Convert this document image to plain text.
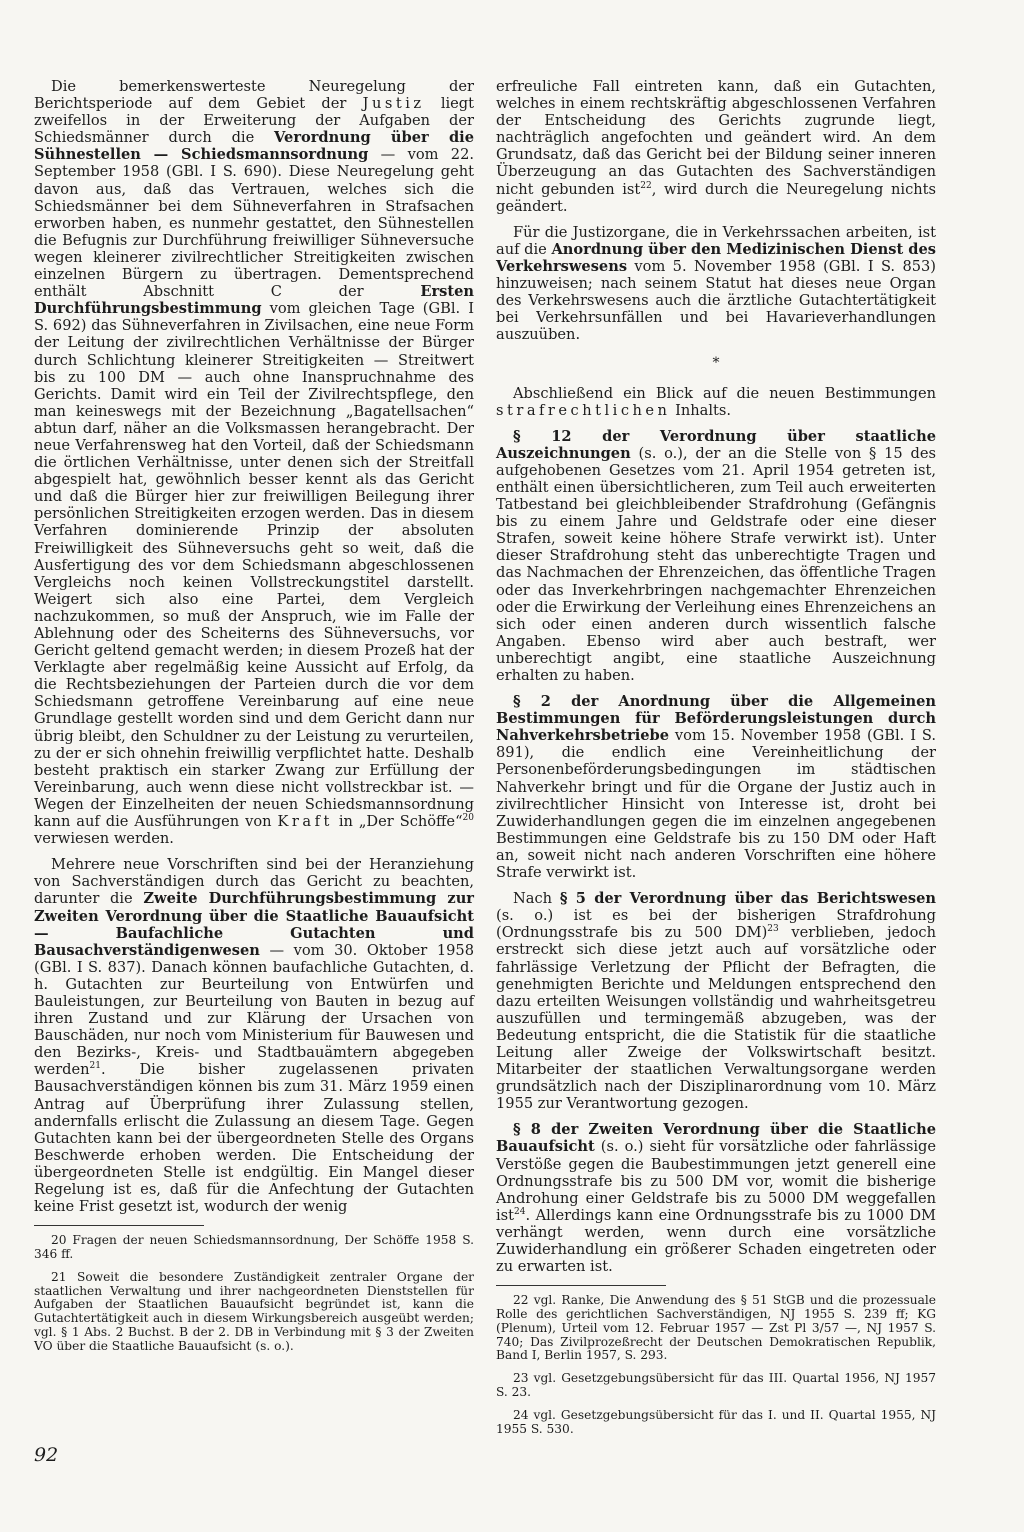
Die bemerkenswerteste Neuregelung der Berichtsperiode auf dem Gebiet der Justiz liegt zweifellos in der Erweiterung der Aufgaben der Schiedsmänner durch die Verordnung über die Sühnestellen — Schiedsmannsordnung — vom 22. September 1958 (GBl. I S. 690). Diese Neuregelung geht davon aus, daß das Vertrauen, welches sich die Schiedsmänner bei dem Sühneverfahren in Strafsachen erworben haben, es nunmehr gestattet, den Sühnestellen die Befugnis zur Durchführung freiwilliger Sühneversuche wegen kleinerer zivilrechtlicher Streitigkeiten zwischen einzelnen Bürgern zu übertragen. Dementsprechend enthält Abschnitt C der Ersten Durchführungsbestimmung vom gleichen Tage (GBl. I S. 692) das Sühneverfahren in Zivilsachen, eine neue Form der Leitung der zivilrechtlichen Verhältnisse der Bürger durch Schlichtung kleinerer Streitigkeiten — Streitwert bis zu 100 DM — auch ohne Inanspruchnahme des Gerichts. Damit wird ein Teil der Zivilrechtspflege, den man keineswegs mit der Bezeichnung „Bagatellsachen“ abtun darf, näher an die Volksmassen herangebracht. Der neue Verfahrensweg hat den Vorteil, daß der Schiedsmann die örtlichen Verhältnisse, unter denen sich der Streitfall abgespielt hat, gewöhnlich besser kennt als das Gericht und daß die Bürger hier zur freiwilligen Beilegung ihrer persönlichen Streitigkeiten erzogen werden. Das in diesem Verfahren dominierende Prinzip der absoluten Freiwilligkeit des Sühneversuchs geht so weit, daß die Ausfertigung des vor dem Schiedsmann abgeschlossenen Vergleichs noch keinen Vollstreckungstitel darstellt. Weigert sich also eine Partei, dem Vergleich nachzukommen, so muß der Anspruch, wie im Falle der Ablehnung oder des Scheiterns des Sühneversuchs, vor Gericht geltend gemacht werden; in diesem Prozeß hat der Verklagte aber regelmäßig keine Aussicht auf Erfolg, da die Rechtsbeziehungen der Parteien durch die vor dem Schiedsmann getroffene Vereinbarung auf eine neue Grundlage gestellt worden sind und dem Gericht dann nur übrig bleibt, den Schuldner zu der Leistung zu verurteilen, zu der er sich ohnehin freiwillig verpflichtet hatte. Deshalb besteht praktisch ein starker Zwang zur Erfüllung der Vereinbarung, auch wenn diese nicht vollstreckbar ist. — Wegen der Einzelheiten der neuen Schiedsmannsordnung kann auf die Ausführungen von Kraft in „Der Schöffe“$^{20}$ verwiesen werden.

Mehrere neue Vorschriften sind bei der Heranziehung von Sachverständigen durch das Gericht zu beachten, darunter die Zweite Durchführungsbestimmung zur Zweiten Verordnung über die Staatliche Bauaufsicht — Baufachliche Gutachten und Bausachverständigenwesen — vom 30. Oktober 1958 (GBl. I S. 837). Danach können baufachliche Gutachten, d. h. Gutachten zur Beurteilung von Entwürfen und Bauleistungen, zur Beurteilung von Bauten in bezug auf ihren Zustand und zur Klärung der Ursachen von Bauschäden, nur noch vom Ministerium für Bauwesen und den Bezirks-, Kreis- und Stadtbauämtern abgegeben werden$^{21}$. Die bisher zugelassenen privaten Bausachverständigen können bis zum 31. März 1959 einen Antrag auf Überprüfung ihrer Zulassung stellen, andernfalls erlischt die Zulassung an diesem Tage. Gegen Gutachten kann bei der übergeordneten Stelle des Organs Beschwerde erhoben werden. Die Entscheidung der übergeordneten Stelle ist endgültig. Ein Mangel dieser Regelung ist es, daß für die Anfechtung der Gutachten keine Frist gesetzt ist, wodurch der wenig

20 Fragen der neuen Schiedsmannsordnung, Der Schöffe 1958 S. 346 ff.

21 Soweit die besondere Zuständigkeit zentraler Organe der staatlichen Verwaltung und ihrer nachgeordneten Dienststellen für Aufgaben der Staatlichen Bauaufsicht begründet ist, kann die Gutachtertätigkeit auch in diesem Wirkungsbereich ausgeübt werden; vgl. § 1 Abs. 2 Buchst. B der 2. DB in Verbindung mit § 3 der Zweiten VO über die Staatliche Bauaufsicht (s. o.).

erfreuliche Fall eintreten kann, daß ein Gutachten, welches in einem rechtskräftig abgeschlossenen Verfahren der Entscheidung des Gerichts zugrunde liegt, nachträglich angefochten und geändert wird. An dem Grundsatz, daß das Gericht bei der Bildung seiner inneren Überzeugung an das Gutachten des Sachverständigen nicht gebunden ist$^{22}$, wird durch die Neuregelung nichts geändert.

Für die Justizorgane, die in Verkehrssachen arbeiten, ist auf die Anordnung über den Medizinischen Dienst des Verkehrswesens vom 5. November 1958 (GBl. I S. 853) hinzuweisen; nach seinem Statut hat dieses neue Organ des Verkehrswesens auch die ärztliche Gutachtertätigkeit bei Verkehrsunfällen und bei Havarieverhandlungen auszuüben.

*

Abschließend ein Blick auf die neuen Bestimmungen strafrechtlichen Inhalts.

§ 12 der Verordnung über staatliche Auszeichnungen (s. o.), der an die Stelle von § 15 des aufgehobenen Gesetzes vom 21. April 1954 getreten ist, enthält einen übersichtlicheren, zum Teil auch erweiterten Tatbestand bei gleichbleibender Strafdrohung (Gefängnis bis zu einem Jahre und Geldstrafe oder eine dieser Strafen, soweit keine höhere Strafe verwirkt ist). Unter dieser Strafdrohung steht das unberechtigte Tragen und das Nachmachen der Ehrenzeichen, das öffentliche Tragen oder das Inverkehrbringen nachgemachter Ehrenzeichen oder die Erwirkung der Verleihung eines Ehrenzeichens an sich oder einen anderen durch wissentlich falsche Angaben. Ebenso wird aber auch bestraft, wer unberechtigt angibt, eine staatliche Auszeichnung erhalten zu haben.

§ 2 der Anordnung über die Allgemeinen Bestimmungen für Beförderungsleistungen durch Nahverkehrsbetriebe vom 15. November 1958 (GBl. I S. 891), die endlich eine Vereinheitlichung der Personenbeförderungsbedingungen im städtischen Nahverkehr bringt und für die Organe der Justiz auch in zivilrechtlicher Hinsicht von Interesse ist, droht bei Zuwiderhandlungen gegen die im einzelnen angegebenen Bestimmungen eine Geldstrafe bis zu 150 DM oder Haft an, soweit nicht nach anderen Vorschriften eine höhere Strafe verwirkt ist.

Nach § 5 der Verordnung über das Berichtswesen (s. o.) ist es bei der bisherigen Strafdrohung (Ordnungsstrafe bis zu 500 DM)$^{23}$ verblieben, jedoch erstreckt sich diese jetzt auch auf vorsätzliche oder fahrlässige Verletzung der Pflicht der Befragten, die genehmigten Berichte und Meldungen entsprechend den dazu erteilten Weisungen vollständig und wahrheitsgetreu auszufüllen und termingemäß abzugeben, was der Bedeutung entspricht, die die Statistik für die staatliche Leitung aller Zweige der Volkswirtschaft besitzt. Mitarbeiter der staatlichen Verwaltungsorgane werden grundsätzlich nach der Disziplinarordnung vom 10. März 1955 zur Verantwortung gezogen.

§ 8 der Zweiten Verordnung über die Staatliche Bauaufsicht (s. o.) sieht für vorsätzliche oder fahrlässige Verstöße gegen die Baubestimmungen jetzt generell eine Ordnungsstrafe bis zu 500 DM vor, womit die bisherige Androhung einer Geldstrafe bis zu 5000 DM weggefallen ist$^{24}$. Allerdings kann eine Ordnungsstrafe bis zu 1000 DM verhängt werden, wenn durch eine vorsätzliche Zuwiderhandlung ein größerer Schaden eingetreten oder zu erwarten ist.

22 vgl. Ranke, Die Anwendung des § 51 StGB und die prozessuale Rolle des gerichtlichen Sachverständigen, NJ 1955 S. 239 ff; KG (Plenum), Urteil vom 12. Februar 1957 — Zst Pl 3/57 —, NJ 1957 S. 740; Das Zivilprozeßrecht der Deutschen Demokratischen Republik, Band I, Berlin 1957, S. 293.

23 vgl. Gesetzgebungsübersicht für das III. Quartal 1956, NJ 1957 S. 23.

24 vgl. Gesetzgebungsübersicht für das I. und II. Quartal 1955, NJ 1955 S. 530.

92
